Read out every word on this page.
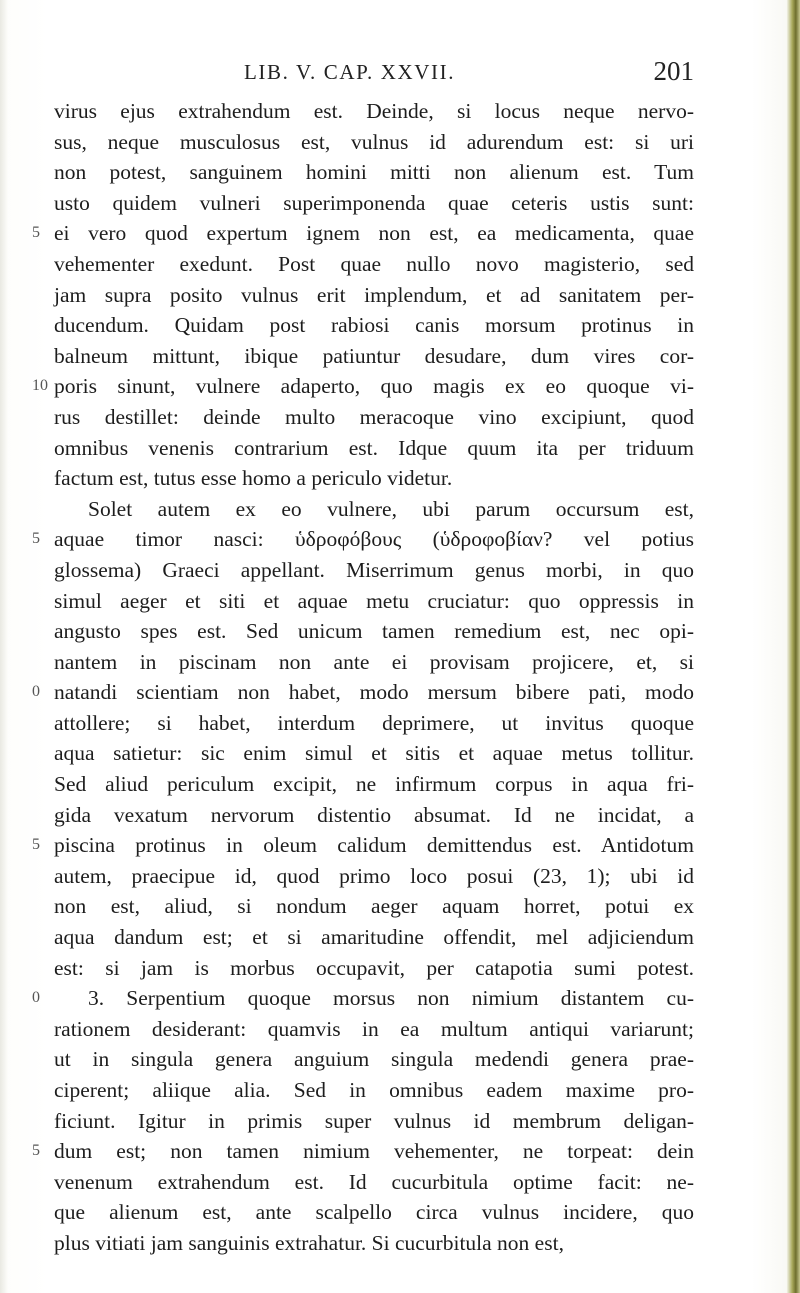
LIB. V. CAP. XXVII.	201
virus ejus extrahendum est. Deinde, si locus neque nervo-
sus, neque musculosus est, vulnus id adurendum est: si uri
non potest, sanguinem homini mitti non alienum est. Tum
usto quidem vulneri superimponenda quae ceteris ustis sunt:
5 ei vero quod expertum ignem non est, ea medicamenta, quae
vehementer exedunt. Post quae nullo novo magisterio, sed
jam supra posito vulnus erit implendum, et ad sanitatem per-
ducendum. Quidam post rabiosi canis morsum protinus in
balneum mittunt, ibique patiuntur desudare, dum vires cor-
10 poris sinunt, vulnere adaperto, quo magis ex eo quoque vi-
rus destillet: deinde multo meracoque vino excipiunt, quod
omnibus venenis contrarium est. Idque quum ita per triduum
factum est, tutus esse homo a periculo videtur.
Solet autem ex eo vulnere, ubi parum occursum est,
5 aquae timor nasci: ὑδροφόβους (ὑδροφοβίαν? vel potius
glossema) Graeci appellant. Miserrimum genus morbi, in quo
simul aeger et siti et aquae metu cruciatur: quo oppressis in
angusto spes est. Sed unicum tamen remedium est, nec opi-
nantem in piscinam non ante ei provisam projicere, et, si
0 natandi scientiam non habet, modo mersum bibere pati, modo
attollere; si habet, interdum deprimere, ut invitus quoque
aqua satietur: sic enim simul et sitis et aquae metus tollitur.
Sed aliud periculum excipit, ne infirmum corpus in aqua fri-
gida vexatum nervorum distentio absumat. Id ne incidat, a
5 piscina protinus in oleum calidum demittendus est. Antidotum
autem, praecipue id, quod primo loco posui (23, 1); ubi id
non est, aliud, si nondum aeger aquam horret, potui ex
aqua dandum est; et si amaritudine offendit, mel adjiciendum
est: si jam is morbus occupavit, per catapotia sumi potest.
0 3. Serpentium quoque morsus non nimium distantem cu-
rationem desiderant: quamvis in ea multum antiqui variarunt;
ut in singula genera anguium singula medendi genera prae-
ciperent; aliique alia. Sed in omnibus eadem maxime pro-
ficiunt. Igitur in primis super vulnus id membrum deligan-
5 dum est; non tamen nimium vehementer, ne torpeat: dein
venenum extrahendum est. Id cucurbitula optime facit: ne-
que alienum est, ante scalpello circa vulnus incidere, quo
plus vitiati jam sanguinis extrahatur. Si cucurbitula non est,
